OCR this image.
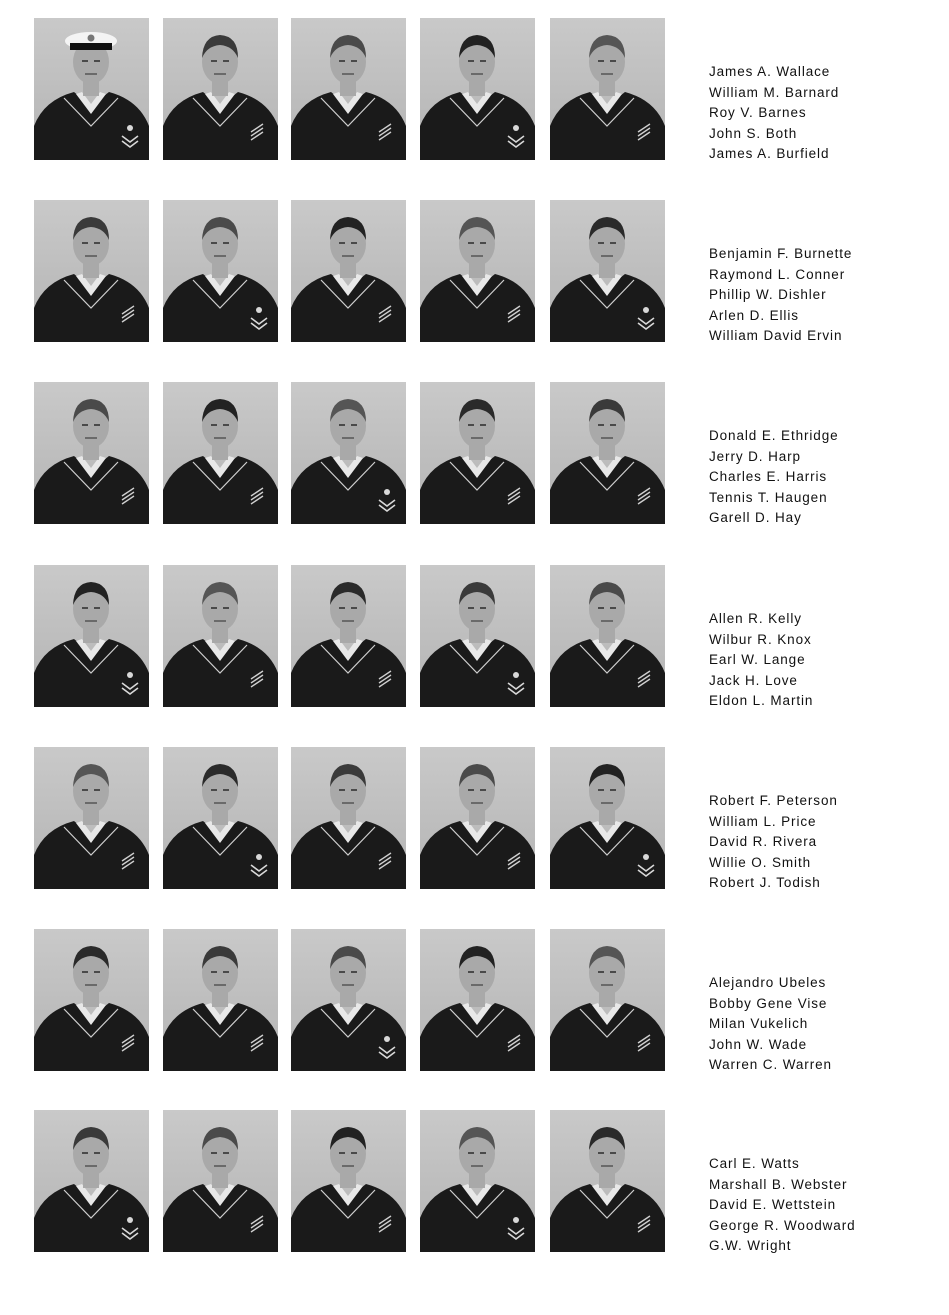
James A. Wallace
William M. Barnard
Roy V. Barnes
John S. Both
James A. Burfield
Benjamin F. Burnette
Raymond L. Conner
Phillip W. Dishler
Arlen D. Ellis
William David Ervin
Donald E. Ethridge
Jerry D. Harp
Charles E. Harris
Tennis T. Haugen
Garell D. Hay
Allen R. Kelly
Wilbur R. Knox
Earl W. Lange
Jack H. Love
Eldon L. Martin
Robert F. Peterson
William L. Price
David R. Rivera
Willie O. Smith
Robert J. Todish
Alejandro Ubeles
Bobby Gene Vise
Milan Vukelich
John W. Wade
Warren C. Warren
Carl E. Watts
Marshall B. Webster
David E. Wettstein
George R. Woodward
G.W. Wright
